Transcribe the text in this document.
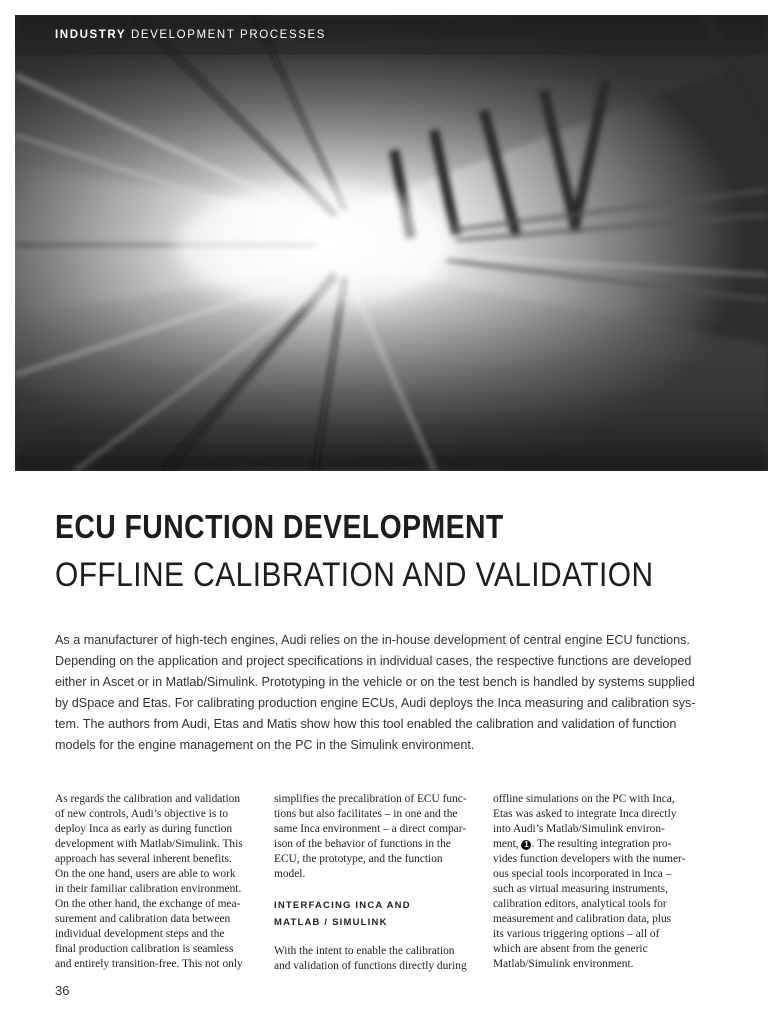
INDUSTRY DEVELOPMENT PROCESSES
ECU FUNCTION DEVELOPMENT
OFFLINE CALIBRATION AND VALIDATION

As a manufacturer of high-tech engines, Audi relies on the in-house development of central engine ECU functions.
Depending on the application and project specifications in individual cases, the respective functions are developed
either in Ascet or in Matlab/Simulink. Prototyping in the vehicle or on the test bench is handled by systems supplied
by dSpace and Etas. For calibrating production engine ECUs, Audi deploys the Inca measuring and calibration sys-
tem. The authors from Audi, Etas and Matis show how this tool enabled the calibration and validation of function
models for the engine management on the PC in the Simulink environment.

As regards the calibration and validation
of new controls, Audi’s objective is to
deploy Inca as early as during function
development with Matlab/Simulink. This
approach has several inherent benefits.
On the one hand, users are able to work
in their familiar calibration environment.
On the other hand, the exchange of mea-
surement and calibration data between
individual development steps and the
final production calibration is seamless
and entirely transition-free. This not only
simplifies the precalibration of ECU func-
tions but also facilitates – in one and the
same Inca environment – a direct compar-
ison of the behavior of functions in the
ECU, the prototype, and the function
model.
INTERFACING INCA AND
MATLAB / SIMULINK
With the intent to enable the calibration
and validation of functions directly during
offline simulations on the PC with Inca,
Etas was asked to integrate Inca directly
into Audi’s Matlab/Simulink environ-
ment, 1 . The resulting integration pro-
vides function developers with the numer-
ous special tools incorporated in Inca –
such as virtual measuring instruments,
calibration editors, analytical tools for
measurement and calibration data, plus
its various triggering options – all of
which are absent from the generic
Matlab/Simulink environment.
36
